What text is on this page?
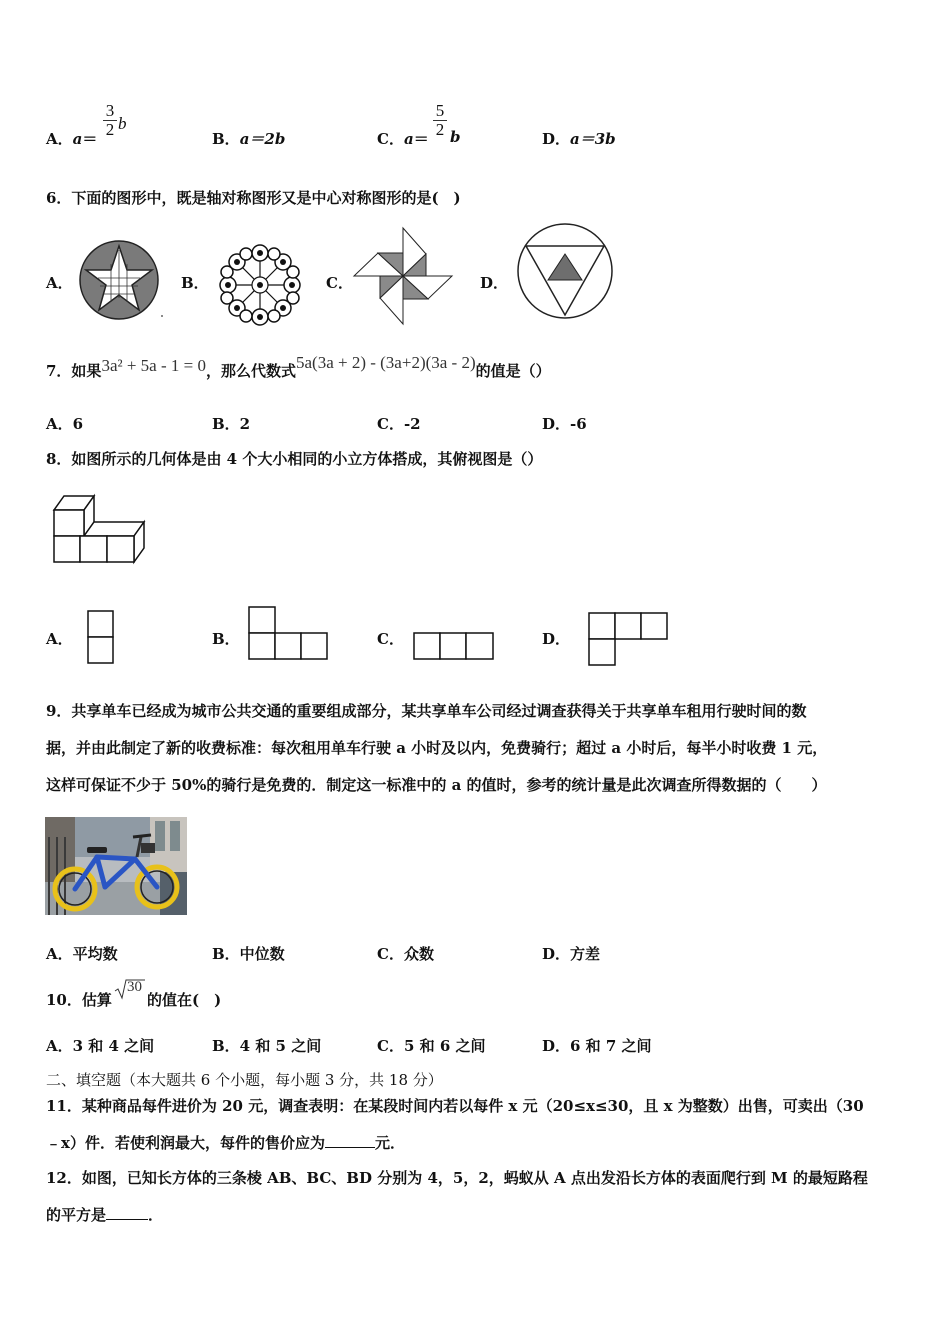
A．$a= \frac{3}{2}$ b
B．a＝2b	C．$a= \frac{5}{2}$ b	D．a＝3b
6．下面的图形中，既是轴对称图形又是中心对称图形的是(　)
A．	B．	C．	D．
7．如果3a² + 5a - 1 = 0，那么代数式5a(3a + 2) - (3a+2)(3a - 2)的值是（）
A．6	B．2	C．-2	D．-6
8．如图所示的几何体是由 4 个大小相同的小立方体搭成，其俯视图是（）
A．	B．	C．	D．
9．共享单车已经成为城市公共交通的重要组成部分，某共享单车公司经过调查获得关于共享单车租用行驶时间的数
据，并由此制定了新的收费标准：每次租用单车行驶 a 小时及以内，免费骑行；超过 a 小时后，每半小时收费 1 元，
这样可保证不少于 50%的骑行是免费的．制定这一标准中的 a 的值时，参考的统计量是此次调查所得数据的（　　）
A．平均数	B．中位数	C．众数	D．方差
10．估算
30
的值在(　)
A．3 和 4 之间	B．4 和 5 之间	C．5 和 6 之间	D．6 和 7 之间
二、填空题（本大题共 6 个小题，每小题 3 分，共 18 分）
11．某种商品每件进价为 20 元，调查表明：在某段时间内若以每件 x 元（20≤x≤30，且 x 为整数）出售，可卖出（30
﹣x）件．若使利润最大，每件的售价应为	元．
12．如图，已知长方体的三条棱 AB、BC、BD 分别为 4，5，2，蚂蚁从 A 点出发沿长方体的表面爬行到 M 的最短路程
的平方是	．
